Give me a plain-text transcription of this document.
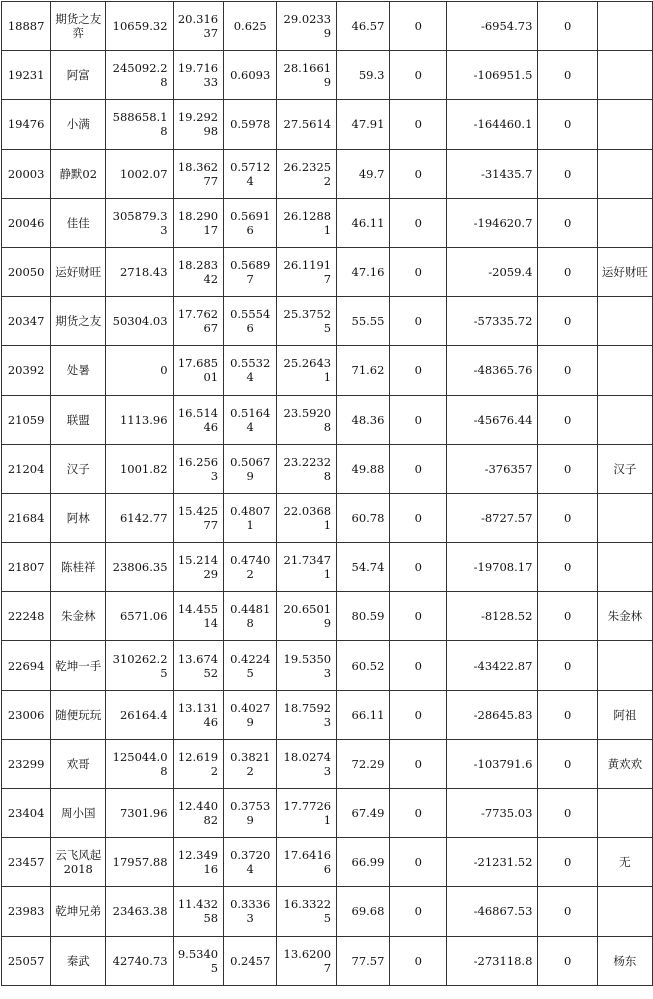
18887	期货之友弈	10659.32	20.31637	0.625	29.02339	46.57	0	-6954.73	0	
19231	阿富	245092.28	19.71633	0.6093	28.16619	59.3	0	-106951.5	0	
19476	小满	588658.18	19.29298	0.5978	27.5614	47.91	0	-164460.1	0	
20003	静默02	1002.07	18.36277	0.57124	26.23252	49.7	0	-31435.7	0	
20046	佳佳	305879.33	18.29017	0.56916	26.12881	46.11	0	-194620.7	0	
20050	运好财旺	2718.43	18.28342	0.56897	26.11917	47.16	0	-2059.4	0	运好财旺
20347	期货之友	50304.03	17.76267	0.55546	25.37525	55.55	0	-57335.72	0	
20392	处暑	0	17.68501	0.55324	25.26431	71.62	0	-48365.76	0	
21059	联盟	1113.96	16.51446	0.51644	23.59208	48.36	0	-45676.44	0	
21204	汉子	1001.82	16.2563	0.50679	23.22328	49.88	0	-376357	0	汉子
21684	阿林	6142.77	15.42577	0.48071	22.03681	60.78	0	-8727.57	0	
21807	陈桂祥	23806.35	15.21429	0.47402	21.73471	54.74	0	-19708.17	0	
22248	朱金林	6571.06	14.45514	0.44818	20.65019	80.59	0	-8128.52	0	朱金林
22694	乾坤一手	310262.25	13.67452	0.42245	19.53503	60.52	0	-43422.87	0	
23006	随便玩玩	26164.4	13.13146	0.40279	18.75923	66.11	0	-28645.83	0	阿祖
23299	欢哥	125044.08	12.6192	0.38212	18.02743	72.29	0	-103791.6	0	黄欢欢
23404	周小国	7301.96	12.44082	0.37539	17.77261	67.49	0	-7735.03	0	
23457	云飞风起2018	17957.88	12.34916	0.37204	17.64166	66.99	0	-21231.52	0	无
23983	乾坤兄弟	23463.38	11.43258	0.33363	16.33225	69.68	0	-46867.53	0	
25057	秦武	42740.73	9.53405	0.2457	13.62007	77.57	0	-273118.8	0	杨东
